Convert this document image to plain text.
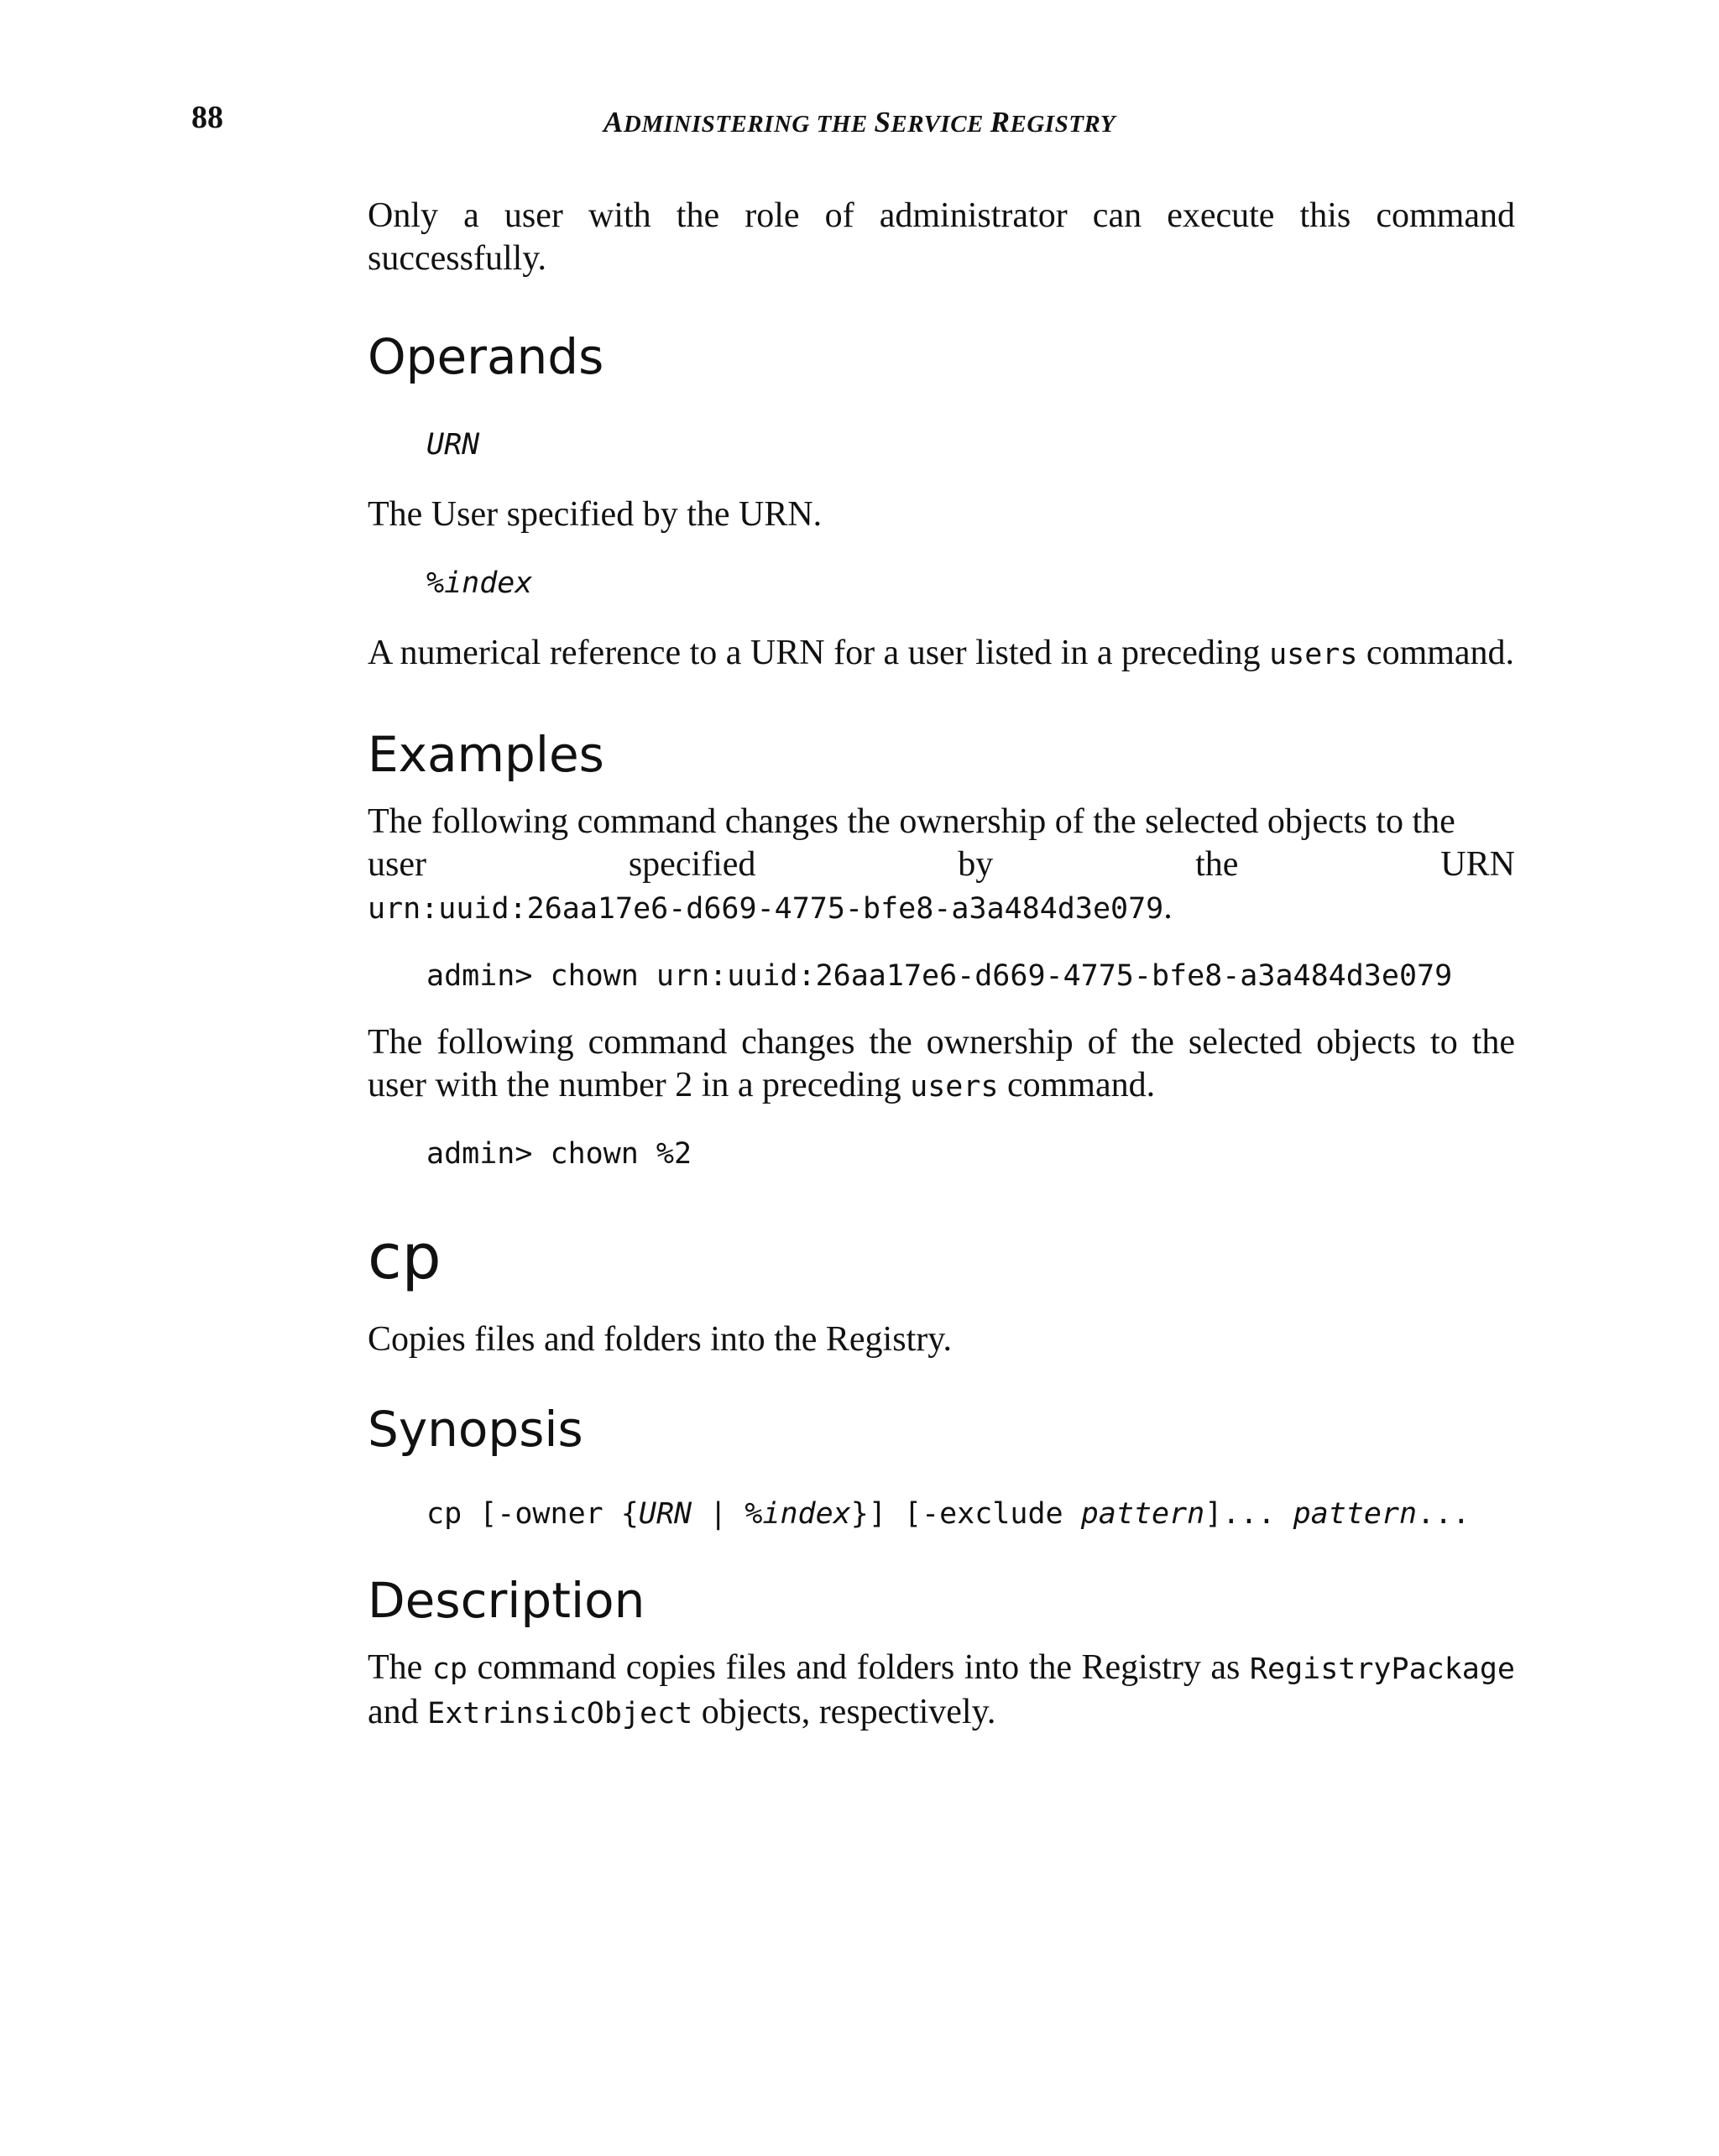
88	ADMINISTERING THE SERVICE REGISTRY

Only a user with the role of administrator can execute this command successfully.

Operands
URN

The User specified by the URN.

%index

A numerical reference to a URN for a user listed in a preceding users command.

Examples

The following command changes the ownership of the selected objects to the

user	specified	by	the	URN

urn:uuid:26aa17e6-d669-4775-bfe8-a3a484d3e079.

admin> chown urn:uuid:26aa17e6-d669-4775-bfe8-a3a484d3e079

The following command changes the ownership of the selected objects to the user with the number 2 in a preceding users command.

admin> chown %2
cp

Copies files and folders into the Registry.

Synopsis
cp [-owner {URN | %index}] [-exclude pattern]... pattern...
Description

The cp command copies files and folders into the Registry as RegistryPackage and ExtrinsicObject objects, respectively.
